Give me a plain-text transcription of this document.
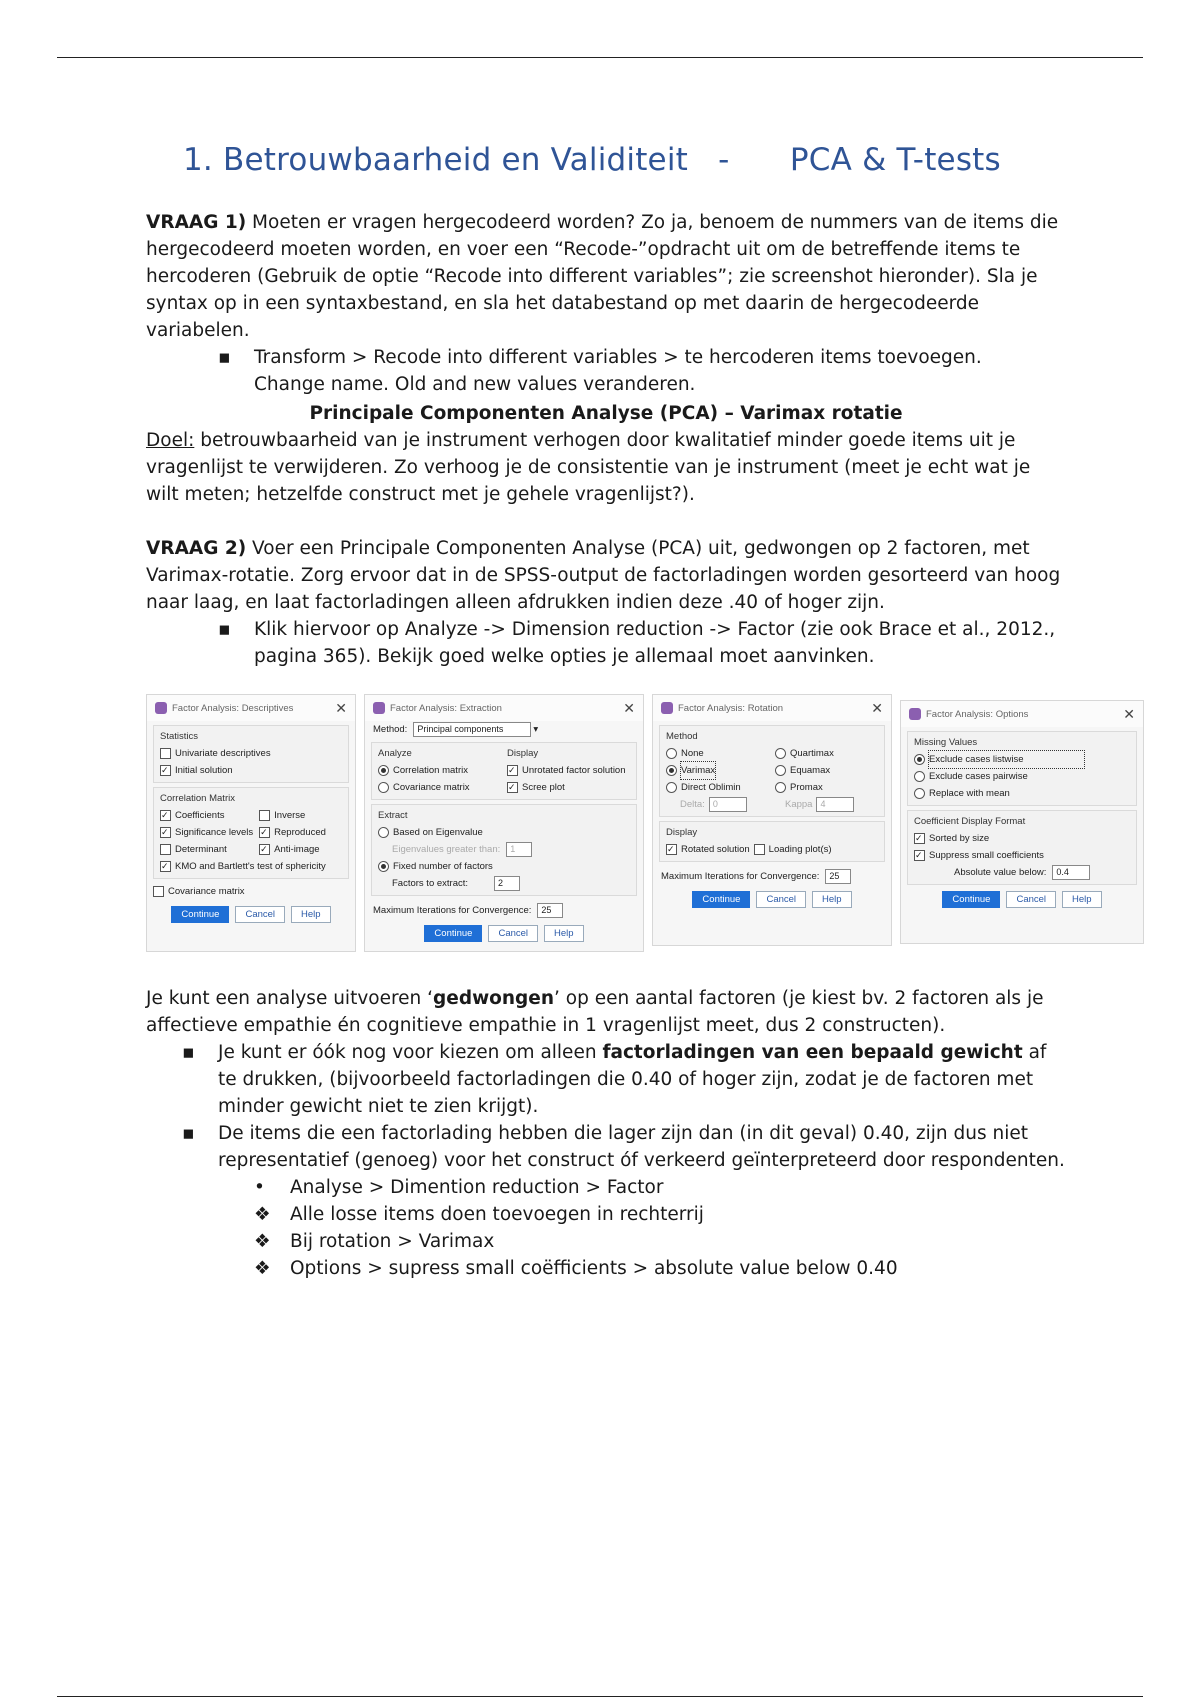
1. Betrouwbaarheid en Validiteit - PCA & T-tests

VRAAG 1) Moeten er vragen hergecodeerd worden? Zo ja, benoem de nummers van de items die hergecodeerd moeten worden, en voer een “Recode-”opdracht uit om de betreffende items te hercoderen (Gebruik de optie “Recode into different variables”; zie screenshot hieronder). Sla je syntax op in een syntaxbestand, en sla het databestand op met daarin de hergecodeerde variabelen.

▪	Transform > Recode into different variables > te hercoderen items toevoegen.
Change name. Old and new values veranderen.
Principale Componenten Analyse (PCA) – Varimax rotatie

Doel: betrouwbaarheid van je instrument verhogen door kwalitatief minder goede items uit je vragenlijst te verwijderen. Zo verhoog je de consistentie van je instrument (meet je echt wat je wilt meten; hetzelfde construct met je gehele vragenlijst?).

VRAAG 2) Voer een Principale Componenten Analyse (PCA) uit, gedwongen op 2 factoren, met Varimax-rotatie. Zorg ervoor dat in de SPSS-output de factorladingen worden gesorteerd van hoog naar laag, en laat factorladingen alleen afdrukken indien deze .40 of hoger zijn.

▪	Klik hiervoor op Analyze -> Dimension reduction -> Factor (zie ook Brace et al., 2012., pagina 365). Bekijk goed welke opties je allemaal moet aanvinken.
Factor Analysis: Descriptives	✕
Statistics
Univariate descriptives
✓
Initial solution
Correlation Matrix
✓
Coefficients	Inverse
✓
Significance levels ✓ Reproduced
Determinant ✓	Anti-image
✓
KMO and Bartlett's test of sphericity
Covariance matrix
Continue	Cancel	Help
Factor Analysis: Extraction	✕
Method:	Principal components	▾
Analyze
Correlation matrix
Covariance matrix
Display
✓
Unrotated factor solution
✓
Scree plot
Extract
Based on Eigenvalue
Eigenvalues greater than:	1
Fixed number of factors
Factors to extract:	2
Maximum Iterations for Convergence:	25
Continue	Cancel	Help
Factor Analysis: Rotation	✕
Method
None	Quartimax
Varimax	Equamax
Direct Oblimin	Promax
Delta: 0	Kappa 4
Display
✓
Rotated solution Loading plot(s)
Maximum Iterations for Convergence:	25
Continue	Cancel	Help
Factor Analysis: Options	✕
Missing Values
Exclude cases listwise
Exclude cases pairwise
Replace with mean
Coefficient Display Format
✓
Sorted by size
✓
Suppress small coefficients
Absolute value below:	0.4
Continue	Cancel	Help

Je kunt een analyse uitvoeren ‘gedwongen’ op een aantal factoren (je kiest bv. 2 factoren als je affectieve empathie én cognitieve empathie in 1 vragenlijst meet, dus 2 constructen).

▪	Je kunt er óók nog voor kiezen om alleen factorladingen van een bepaald gewicht af te drukken, (bijvoorbeeld factorladingen die 0.40 of hoger zijn, zodat je de factoren met minder gewicht niet te zien krijgt).
▪	De items die een factorlading hebben die lager zijn dan (in dit geval) 0.40, zijn dus niet representatief (genoeg) voor het construct óf verkeerd geïnterpreteerd door respondenten.
•	Analyse > Dimention reduction > Factor
❖	Alle losse items doen toevoegen in rechterrij
❖	Bij rotation > Varimax
❖	Options > supress small coëfficients > absolute value below 0.40
